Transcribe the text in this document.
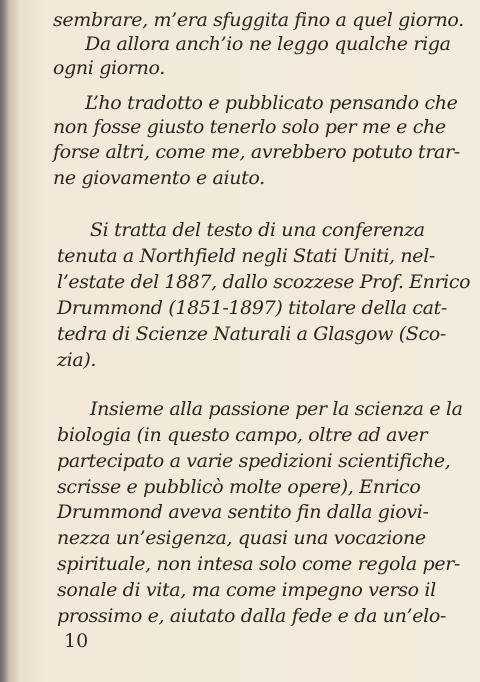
sembrare, m’era sfuggita fino a quel giorno.
Da allora anch’io ne leggo qualche riga
ogni giorno.
L’ho tradotto e pubblicato pensando che
non fosse giusto tenerlo solo per me e che
forse altri, come me, avrebbero potuto trar-
ne giovamento e aiuto.
Si tratta del testo di una conferenza
tenuta a Northfield negli Stati Uniti, nel-
l’estate del 1887, dallo scozzese Prof. Enrico
Drummond (1851-1897) titolare della cat-
tedra di Scienze Naturali a Glasgow (Sco-
zia).
Insieme alla passione per la scienza e la
biologia (in questo campo, oltre ad aver
partecipato a varie spedizioni scientifiche,
scrisse e pubblicò molte opere), Enrico
Drummond aveva sentito fin dalla giovi-
nezza un’esigenza, quasi una vocazione
spirituale, non intesa solo come regola per-
sonale di vita, ma come impegno verso il
prossimo e, aiutato dalla fede e da un’elo-
10
